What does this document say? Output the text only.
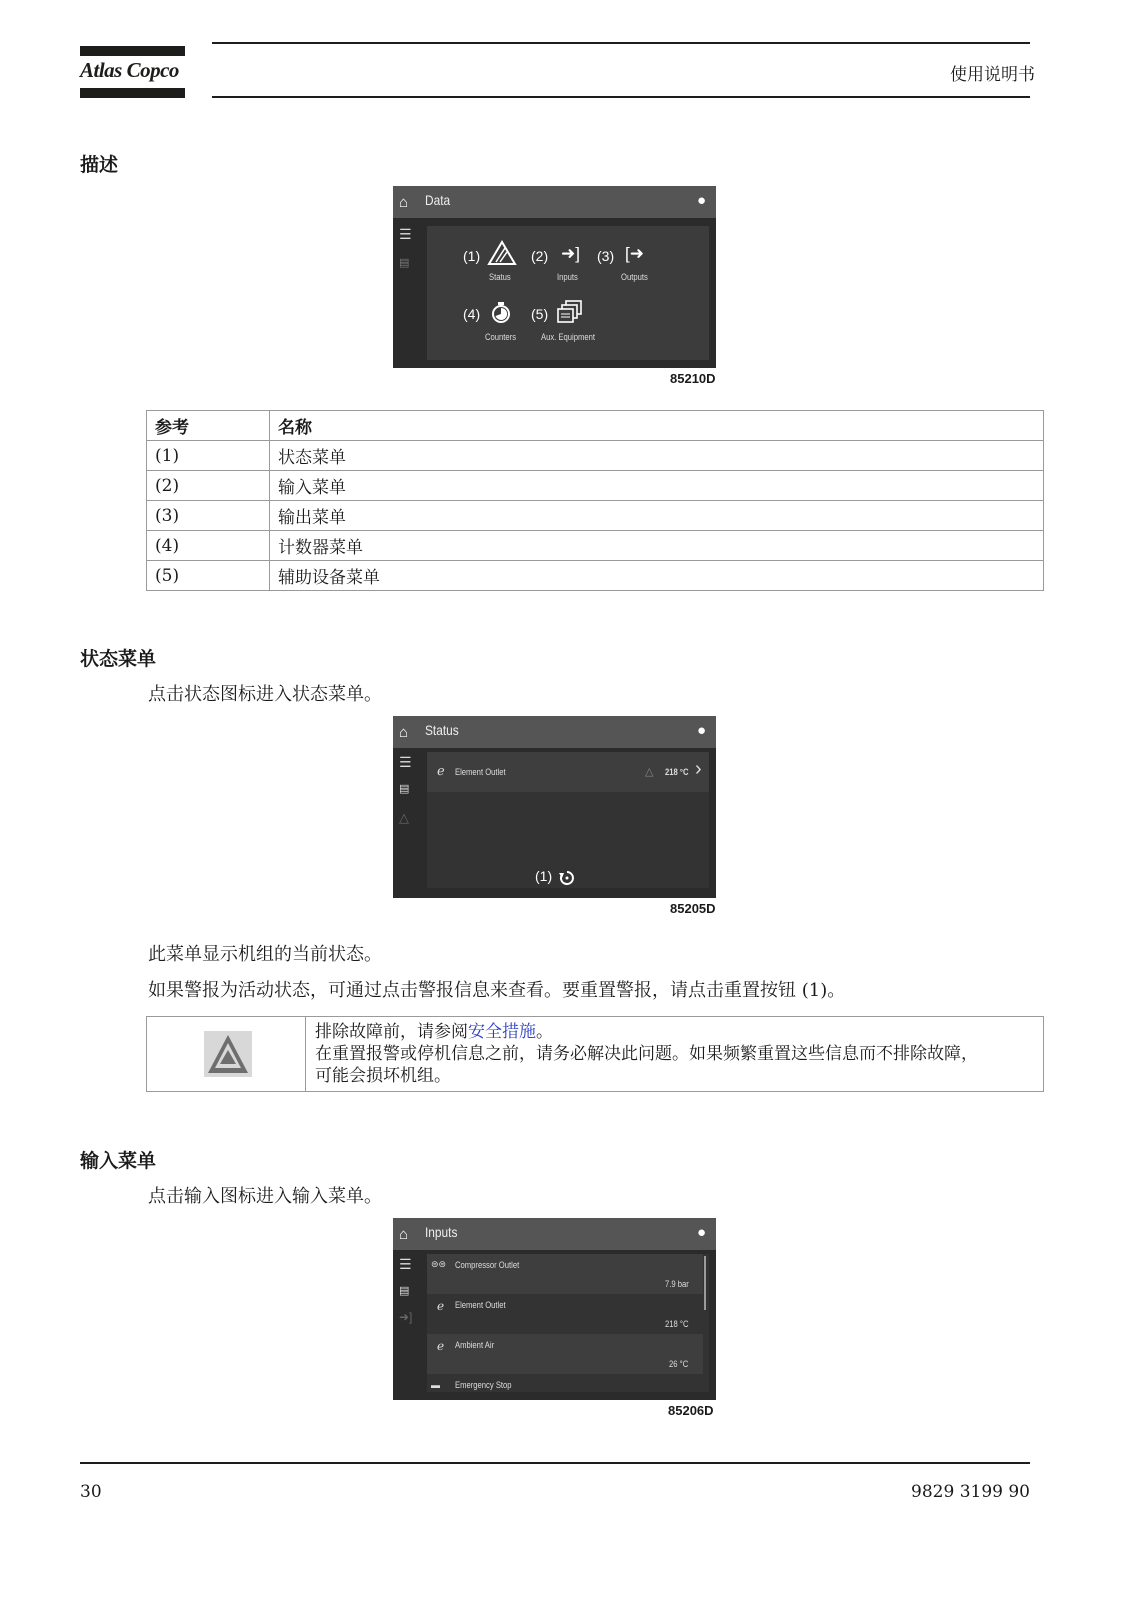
Atlas Copco	使用说明书
描述
⌂ Data	●
☰
▤	(1)
Status
(2) ➜]
Inputs
(3) [➜
Outputs
(4)
Counters
(5)
Aux. Equipment
85210D
参考	名称
(1)	状态菜单
(2)	输入菜单
(3)	输出菜单
(4)	计数器菜单
(5)	辅助设备菜单
状态菜单

点击状态图标进入状态菜单。

⌂ Status	●
☰
▤
△
ℯ Element Outlet	△ 218 °C ›
(1)
85205D

此菜单显示机组的当前状态。

如果警报为活动状态，可通过点击警报信息来查看。要重置警报，请点击重置按钮 (1)。

排除故障前，请参阅安全措施。
在重置报警或停机信息之前，请务必解决此问题。如果频繁重置这些信息而不排除故障，
可能会损坏机组。
输入菜单

点击输入图标进入输入菜单。

⌂ Inputs	●
☰
▤
➜]
⊜⊜ Compressor Outlet
7.9 bar
ℯ Element Outlet
218 °C
ℯ Ambient Air
26 °C
▬ Emergency Stop
85206D
30	9829 3199 90
